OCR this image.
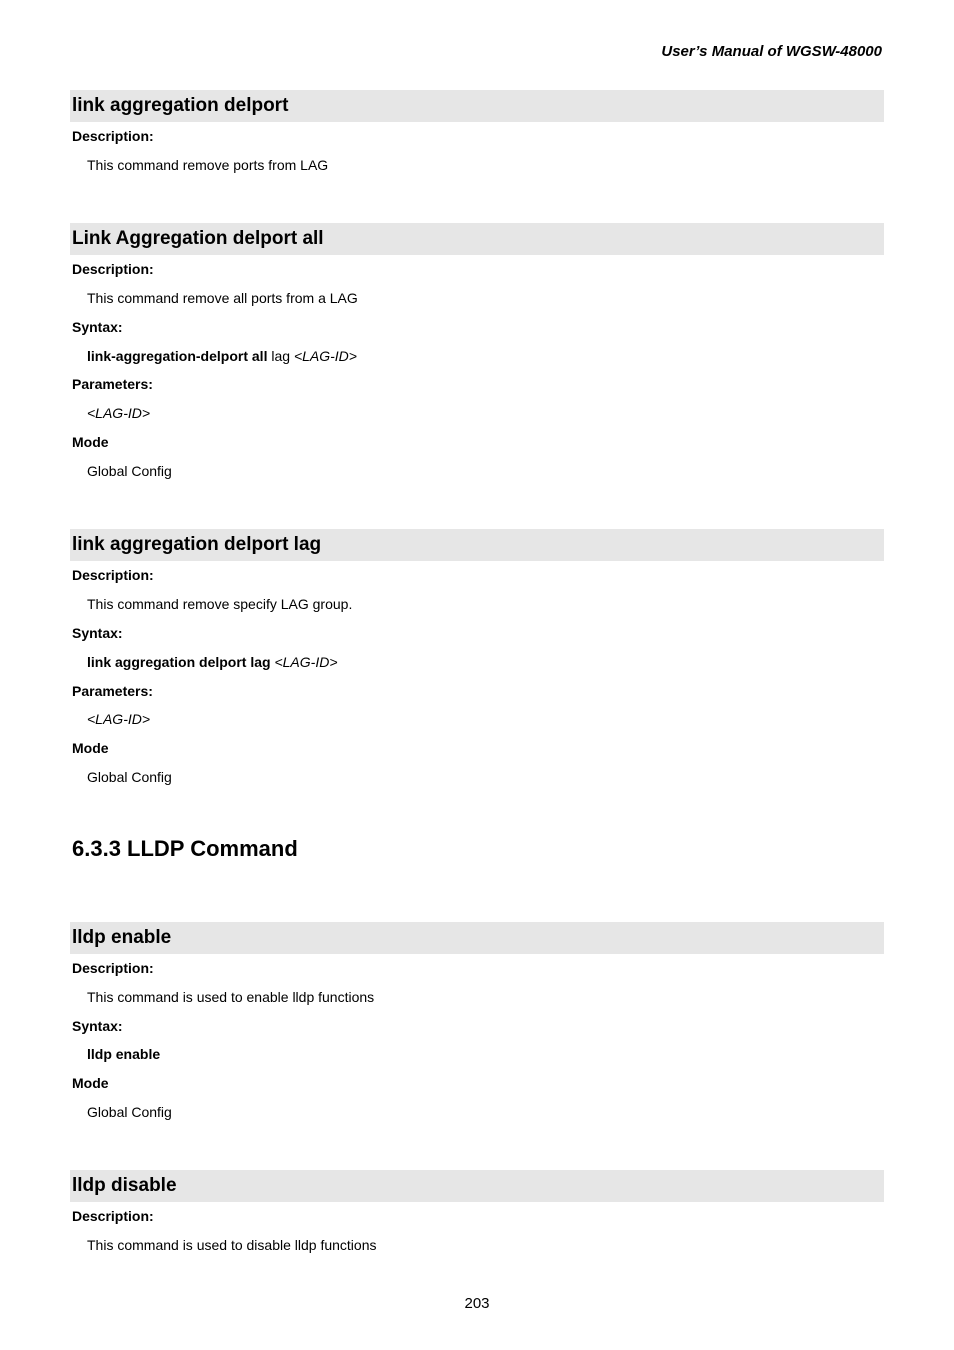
User’s Manual of WGSW-48000
link aggregation delport
Description:
This command remove ports from LAG
Link Aggregation delport all
Description:
This command remove all ports from a LAG
Syntax:
link-aggregation-delport all lag <LAG-ID>
Parameters:
<LAG-ID>
Mode
Global Config
link aggregation delport lag
Description:
This command remove specify LAG group.
Syntax:
link aggregation delport lag <LAG-ID>
Parameters:
<LAG-ID>
Mode
Global Config
6.3.3 LLDP Command
lldp enable
Description:
This command is used to enable lldp functions
Syntax:
lldp enable
Mode
Global Config
lldp disable
Description:
This command is used to disable lldp functions
203
